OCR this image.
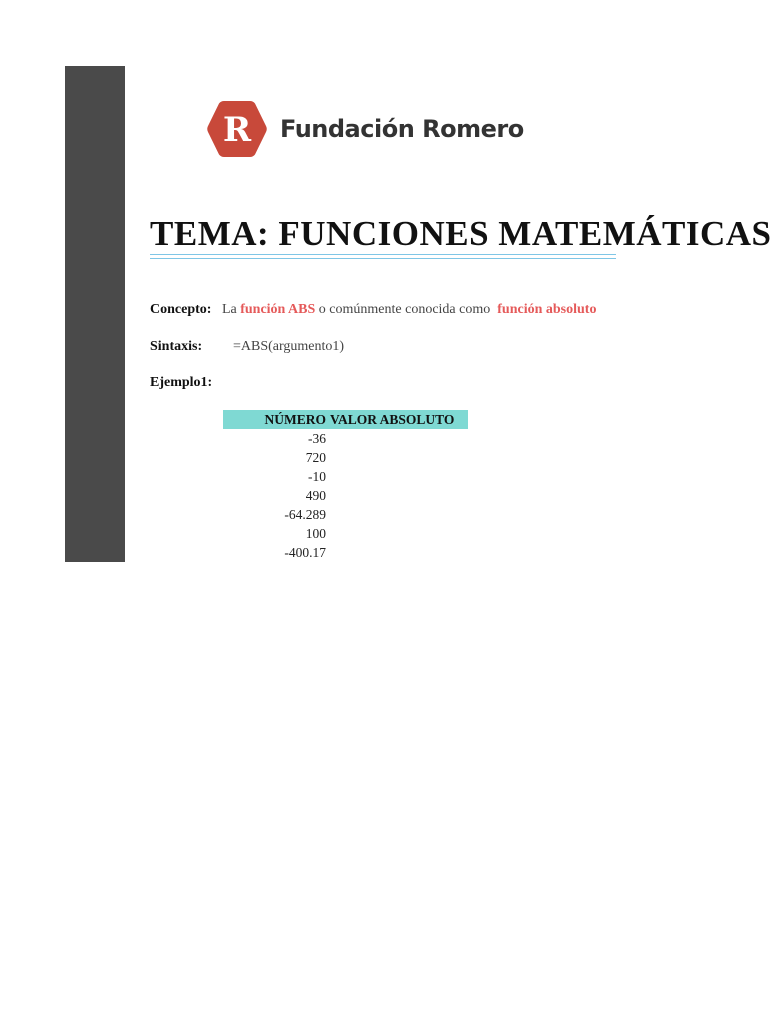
R Fundación Romero
TEMA: FUNCIONES MATEMÁTICAS
Concepto: La función ABS o comúnmente conocida como función absoluto
Sintaxis: =ABS(argumento1)
Ejemplo1:
NÚMERO	VALOR ABSOLUTO
-36	
720	
-10	
490	
-64.289	
100	
-400.17	
